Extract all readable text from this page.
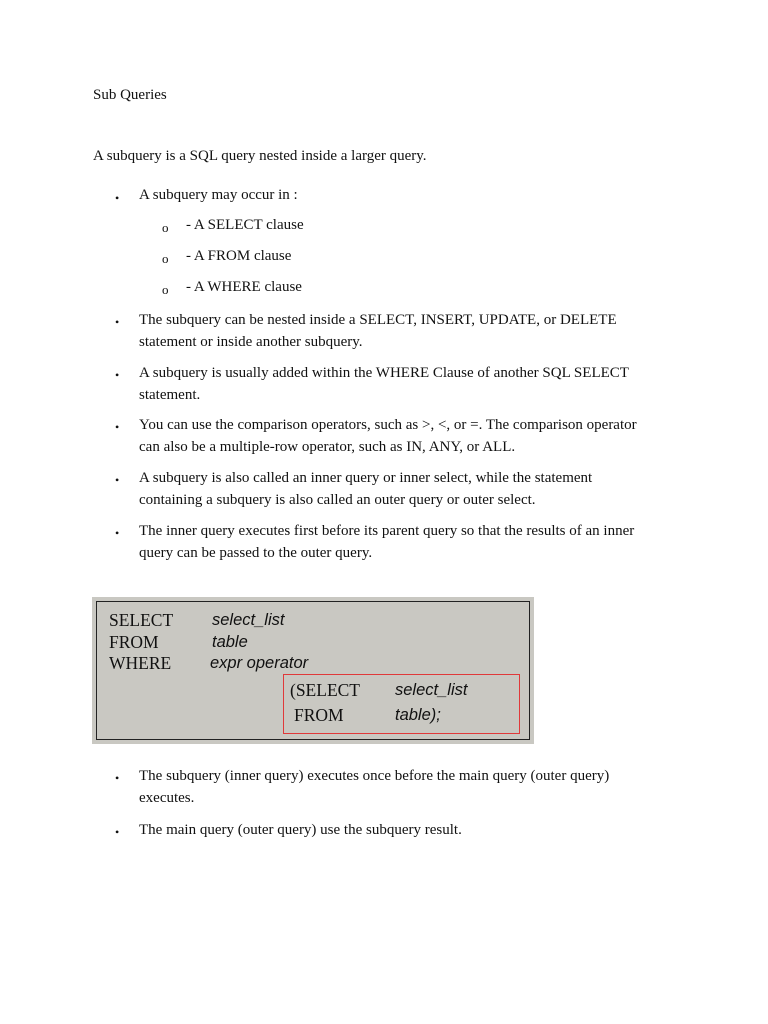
Sub Queries
A subquery is a SQL query nested inside a larger query.
• A subquery may occur in :
o - A SELECT clause
o - A FROM clause
o - A WHERE clause
• The subquery can be nested inside a SELECT, INSERT, UPDATE, or DELETE
statement or inside another subquery.
• A subquery is usually added within the WHERE Clause of another SQL SELECT
statement.
• You can use the comparison operators, such as >, <, or =. The comparison operator
can also be a multiple-row operator, such as IN, ANY, or ALL.
• A subquery is also called an inner query or inner select, while the statement
containing a subquery is also called an outer query or outer select.
• The inner query executes first before its parent query so that the results of an inner
query can be passed to the outer query.
SELECT select_list
FROM	table
WHERE expr operator
(SELECT select_list
FROM	table);
• The subquery (inner query) executes once before the main query (outer query)
executes.
• The main query (outer query) use the subquery result.
